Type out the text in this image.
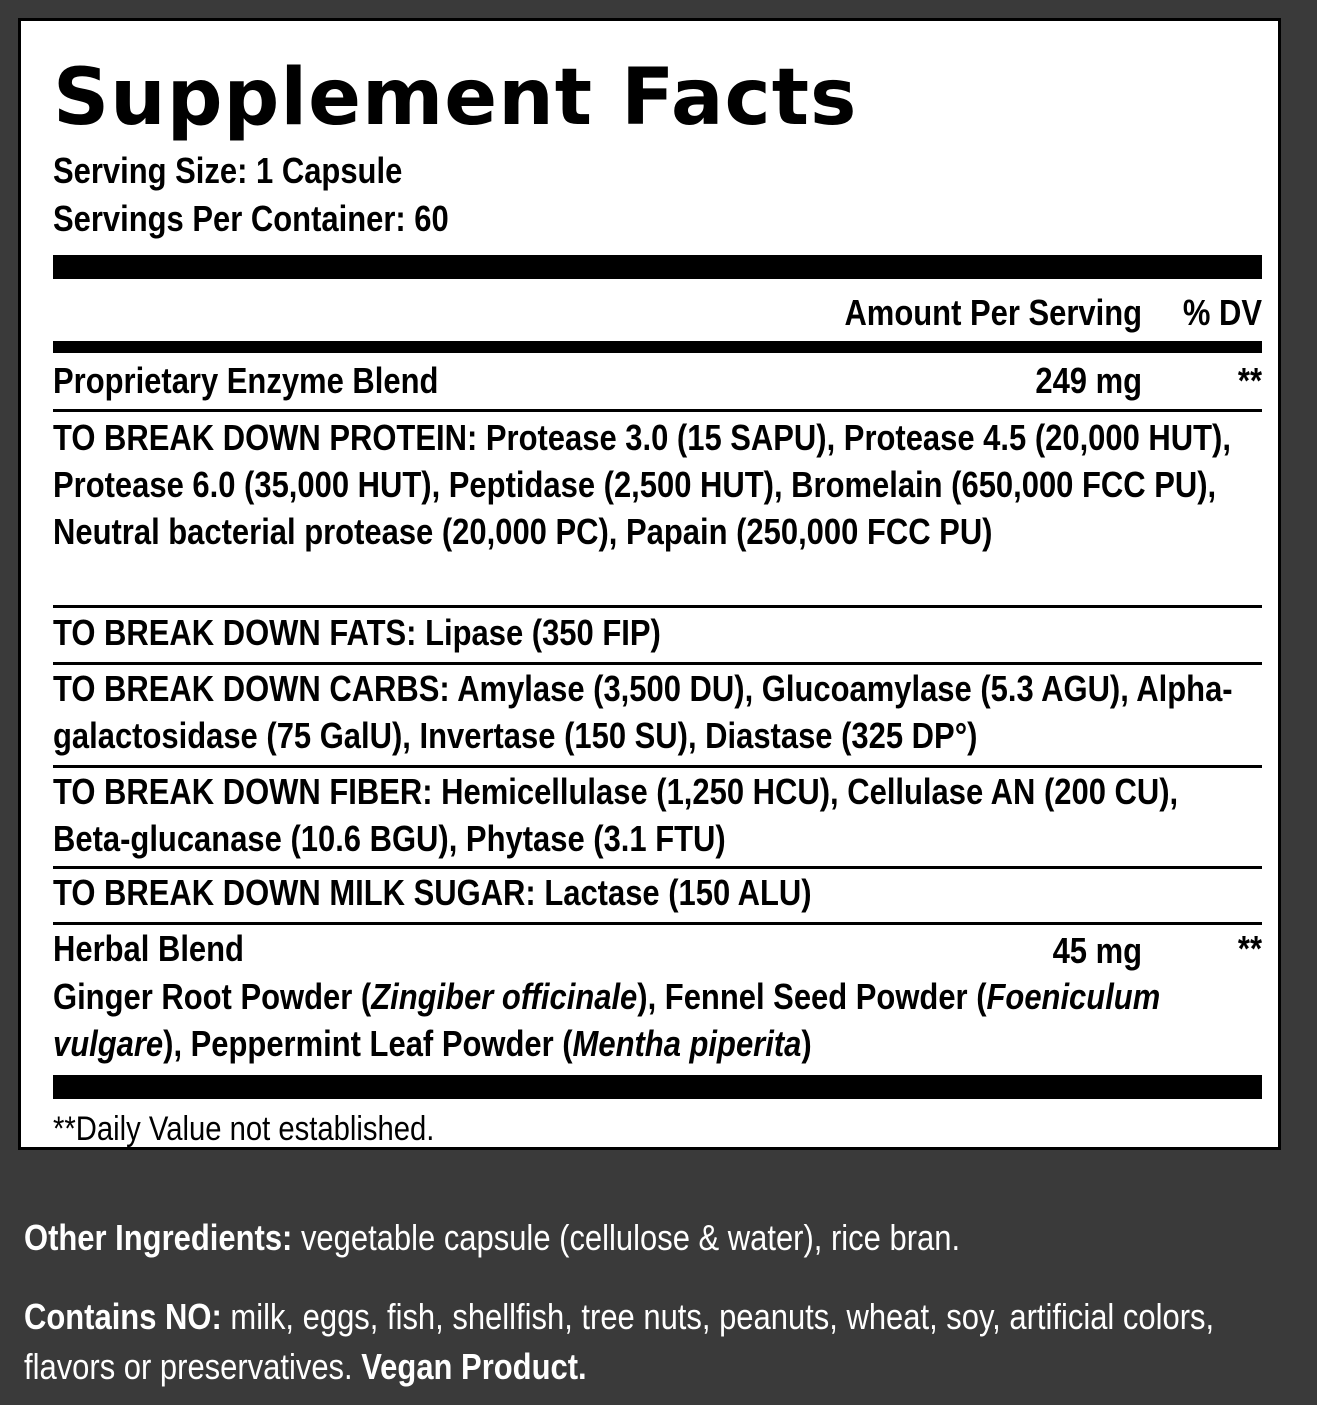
Supplement Facts
Serving Size: 1 Capsule
Servings Per Container: 60
Amount Per Serving % DV
Proprietary Enzyme Blend	249 mg	**
TO BREAK DOWN PROTEIN: Protease 3.0 (15 SAPU), Protease 4.5 (20,000 HUT), Protease 6.0 (35,000 HUT), Peptidase (2,500 HUT), Bromelain (650,000 FCC PU), Neutral bacterial protease (20,000 PC), Papain (250,000 FCC PU)
TO BREAK DOWN FATS: Lipase (350 FIP)
TO BREAK DOWN CARBS: Amylase (3,500 DU), Glucoamylase (5.3 AGU), Alpha-galactosidase (75 GalU), Invertase (150 SU), Diastase (325 DP°)
TO BREAK DOWN FIBER: Hemicellulase (1,250 HCU), Cellulase AN (200 CU), Beta-glucanase (10.6 BGU), Phytase (3.1 FTU)
TO BREAK DOWN MILK SUGAR: Lactase (150 ALU)
Herbal Blend	45 mg	**
Ginger Root Powder (Zingiber officinale), Fennel Seed Powder (Foeniculum vulgare), Peppermint Leaf Powder (Mentha piperita)
**Daily Value not established.
Other Ingredients: vegetable capsule (cellulose & water), rice bran.
Contains NO: milk, eggs, fish, shellfish, tree nuts, peanuts, wheat, soy, artificial colors, flavors or preservatives. Vegan Product.
